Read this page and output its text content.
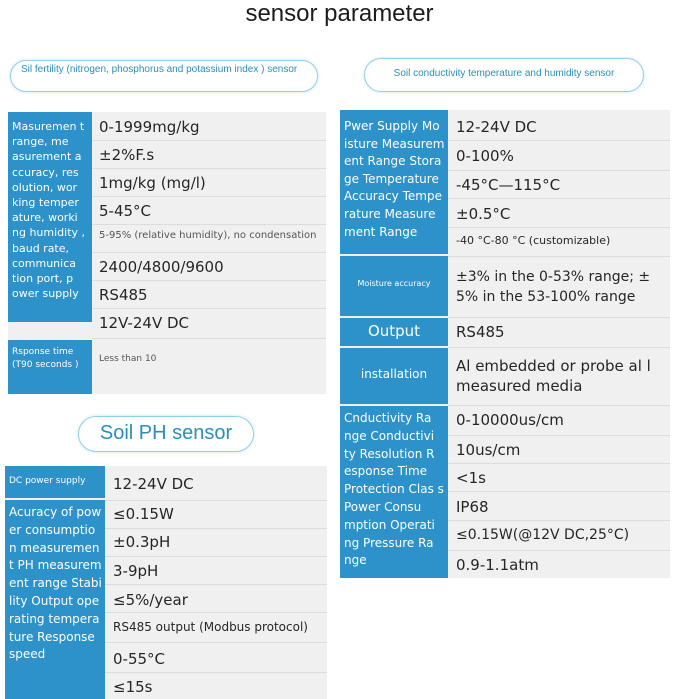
sensor parameter
Sil fertility (nitrogen, phosphorus and potassium index ) sensor
Masuremen t range, me asurement a ccuracy, res olution, wor king temper ature, worki ng humidity , baud rate, communica tion port, p ower supply
Rsponse time (T90 seconds )
0-1999mg/kg
±2%F.s
1mg/kg (mg/l)
5-45°C
5-95% (relative humidity), no condensation
2400/4800/9600
RS485
12V-24V DC
Less than 10
Soil PH sensor
DC power supply
Acuracy of pow er consumptio n measuremen t PH measurem ent range Stabi lity Output ope rating tempera ture Response speed
12-24V DC
≤0.15W
±0.3pH
3-9pH
≤5%/year
RS485 output (Modbus protocol)
0-55°C
≤15s
Soil conductivity temperature and humidity sensor
Pwer Supply Mo isture Measurem ent Range Stora ge Temperature Accuracy Tempe rature Measure ment Range
Moisture accuracy
Output
installation
Cnductivity Ra nge Conductivi ty Resolution R esponse Time Protection Clas s Power Consu mption Operati ng Pressure Ra nge
12-24V DC
0-100%
-45°C—115°C
±0.5°C
-40 °C-80 °C (customizable)
±3% in the 0-53% range; ± 5% in the 53-100% range
RS485
Al embedded or probe al l measured media
0-10000us/cm
10us/cm
<1s
IP68
≤0.15W(@12V DC,25°C)
0.9-1.1atm
